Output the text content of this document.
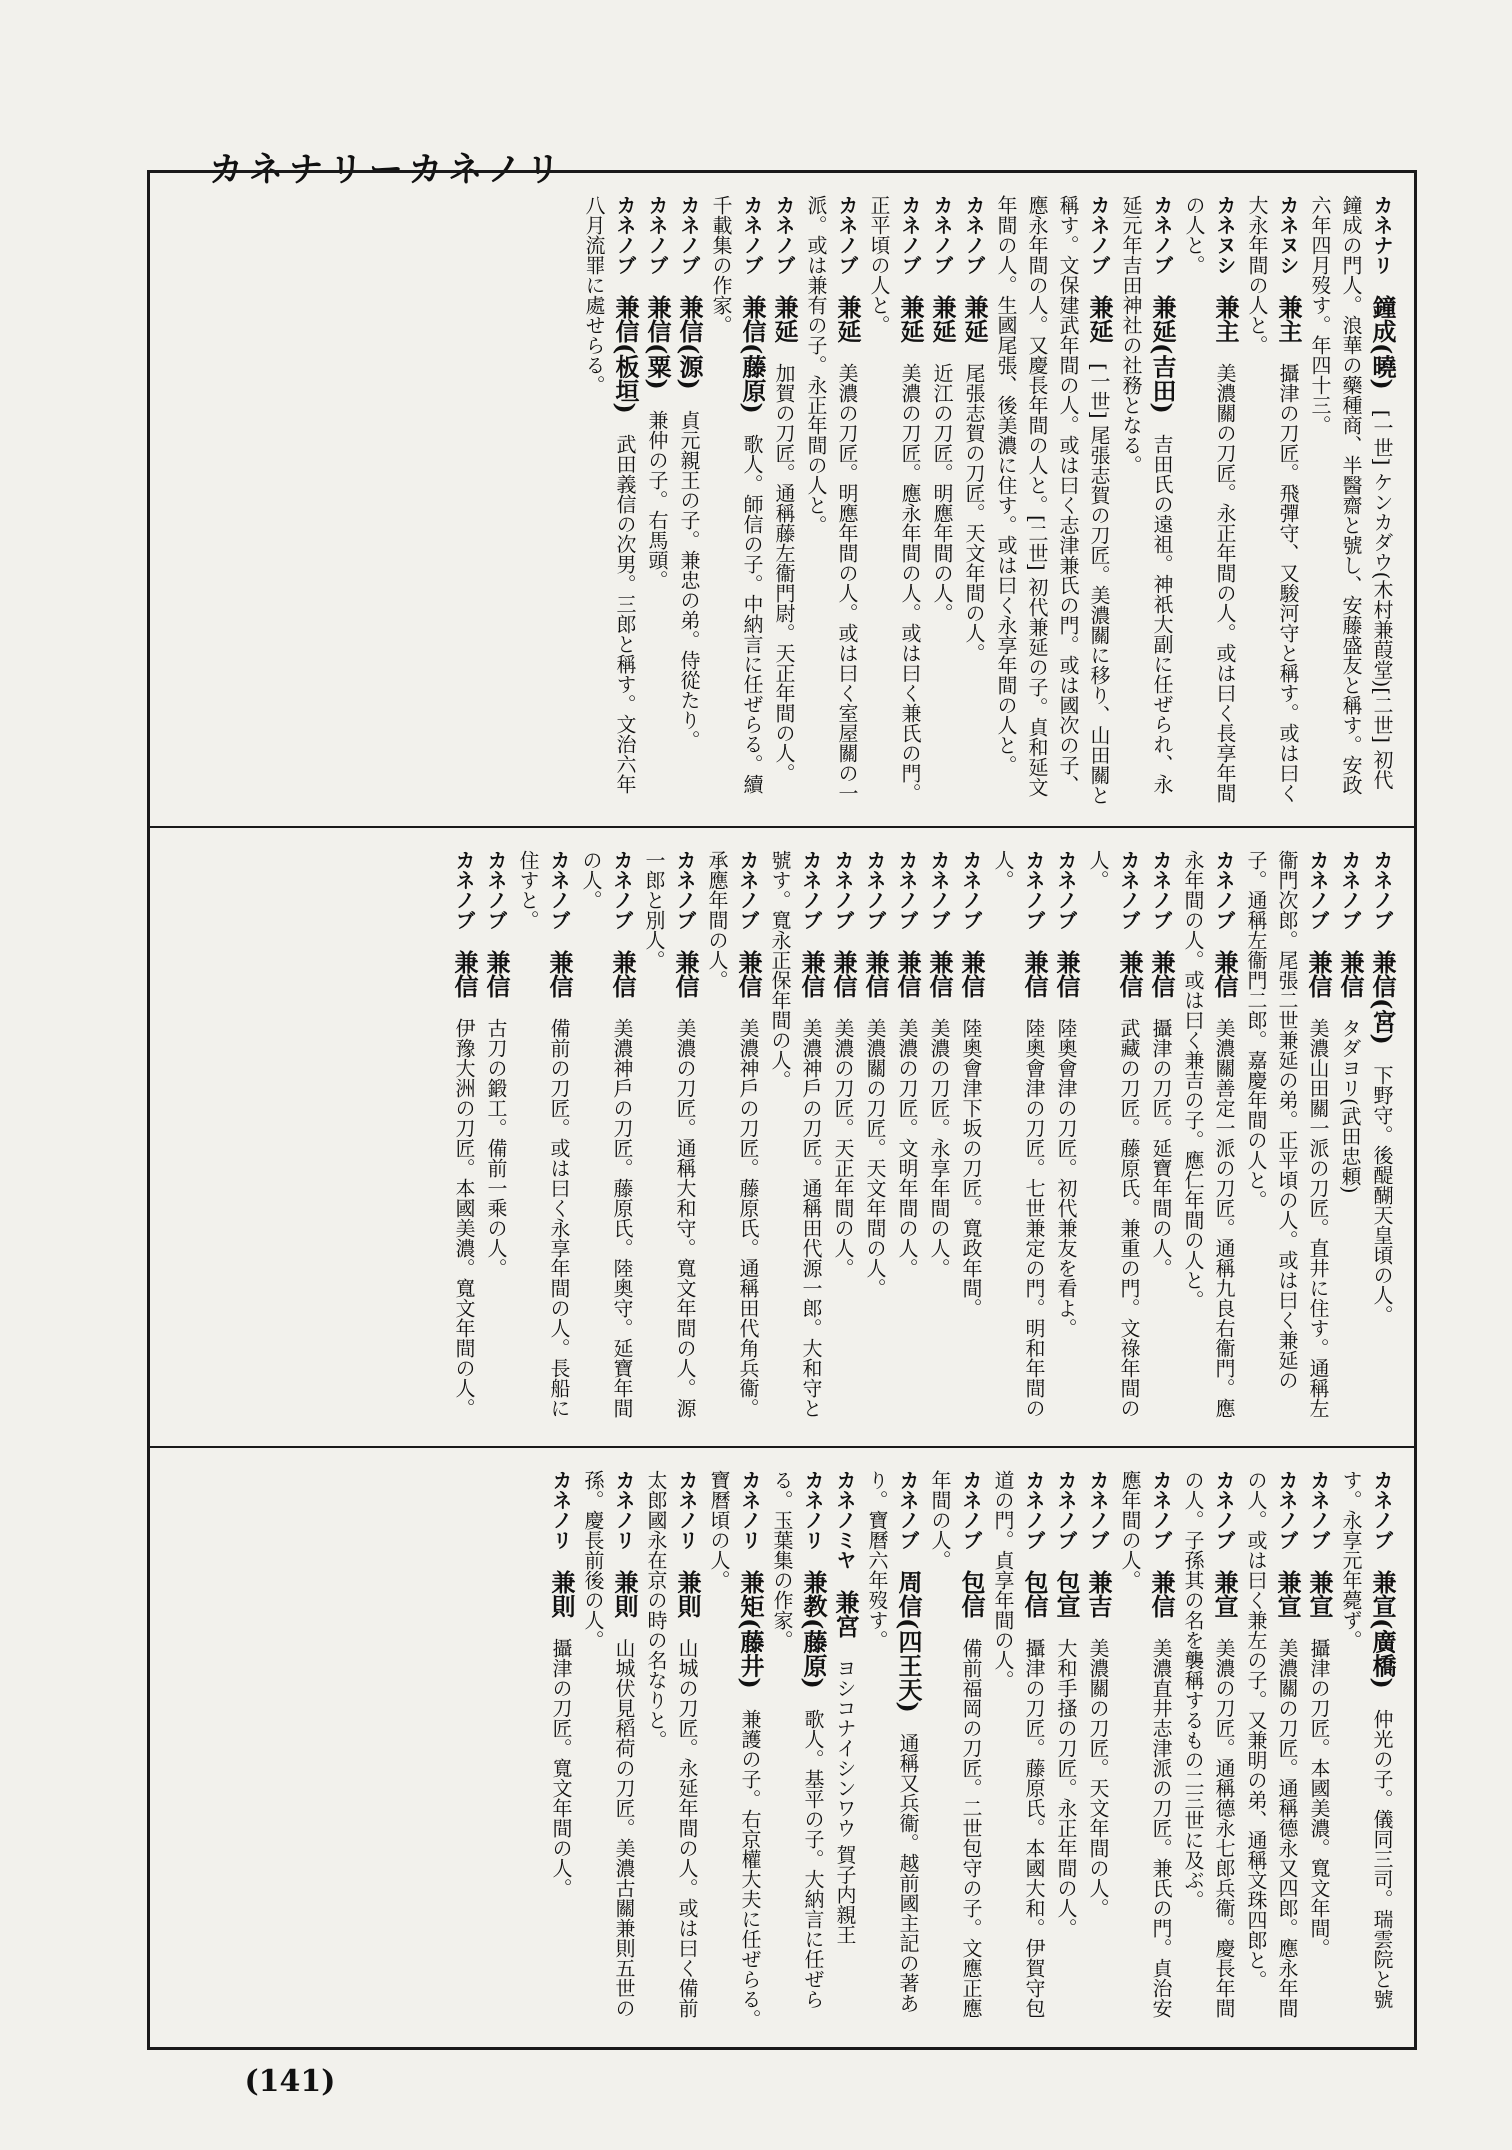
カネナリーカネノリ
カネナリ　鐘成(曉)　[一世] ケンカダウ(木村兼葭堂)[二世] 初代鐘成の門人。浪華の藥種商、半醫齋と號し、安藤盛友と稱す。安政六年四月歿す。年四十三。
カネヌシ　兼主　攝津の刀匠。飛彈守、又駿河守と稱す。或は曰く大永年間の人と。
カネヌシ　兼主　美濃關の刀匠。永正年間の人。或は曰く長享年間の人と。
カネノブ　兼延(吉田)　吉田氏の遠祖。神祇大副に任ぜられ、永延元年吉田神社の社務となる。
カネノブ　兼延　[一世] 尾張志賀の刀匠。美濃關に移り、山田關と稱す。文保建武年間の人。或は曰く志津兼氏の門。或は國次の子、應永年間の人。又慶長年間の人と。[二世] 初代兼延の子。貞和延文年間の人。生國尾張、後美濃に住す。或は曰く永享年間の人と。
カネノブ　兼延　尾張志賀の刀匠。天文年間の人。
カネノブ　兼延　近江の刀匠。明應年間の人。
カネノブ　兼延　美濃の刀匠。應永年間の人。或は曰く兼氏の門。正平頃の人と。
カネノブ　兼延　美濃の刀匠。明應年間の人。或は曰く室屋關の一派。或は兼有の子。永正年間の人と。
カネノブ　兼延　加賀の刀匠。通稱藤左衞門尉。天正年間の人。
カネノブ　兼信(藤原)　歌人。師信の子。中納言に任ぜらる。續千載集の作家。
カネノブ　兼信(源)　貞元親王の子。兼忠の弟。侍從たり。
カネノブ　兼信(粟)　兼仲の子。右馬頭。
カネノブ　兼信(板垣)　武田義信の次男。三郎と稱す。文治六年八月流罪に處せらる。
カネノブ　兼信(宮)　下野守。後醍醐天皇頃の人。
カネノブ　兼信　タダヨリ(武田忠頼)
カネノブ　兼信　美濃山田關一派の刀匠。直井に住す。通稱左衞門次郎。尾張二世兼延の弟。正平頃の人。或は曰く兼延の子。通稱左衞門二郎。嘉慶年間の人と。
カネノブ　兼信　美濃關善定一派の刀匠。通稱九良右衞門。應永年間の人。或は曰く兼吉の子。應仁年間の人と。
カネノブ　兼信　攝津の刀匠。延寶年間の人。
カネノブ　兼信　武藏の刀匠。藤原氏。兼重の門。文祿年間の人。
カネノブ　兼信　陸奧會津の刀匠。初代兼友を看よ。
カネノブ　兼信　陸奧會津の刀匠。七世兼定の門。明和年間の人。
カネノブ　兼信　陸奧會津下坂の刀匠。寬政年間。
カネノブ　兼信　美濃の刀匠。永享年間の人。
カネノブ　兼信　美濃の刀匠。文明年間の人。
カネノブ　兼信　美濃關の刀匠。天文年間の人。
カネノブ　兼信　美濃の刀匠。天正年間の人。
カネノブ　兼信　美濃神戶の刀匠。通稱田代源一郎。大和守と號す。寬永正保年間の人。
カネノブ　兼信　美濃神戶の刀匠。藤原氏。通稱田代角兵衞。承應年間の人。
カネノブ　兼信　美濃の刀匠。通稱大和守。寬文年間の人。源一郎と別人。
カネノブ　兼信　美濃神戶の刀匠。藤原氏。陸奧守。延寶年間の人。
カネノブ　兼信　備前の刀匠。或は曰く永享年間の人。長船に住すと。
カネノブ　兼信　古刀の鍛工。備前一乘の人。
カネノブ　兼信　伊豫大洲の刀匠。本國美濃。寬文年間の人。
カネノブ　兼宣(廣橋)　仲光の子。儀同三司。瑞雲院と號す。永享元年薨ず。
カネノブ　兼宣　攝津の刀匠。本國美濃。寬文年間。
カネノブ　兼宣　美濃關の刀匠。通稱德永又四郎。應永年間の人。或は曰く兼左の子。又兼明の弟、通稱文珠四郎と。
カネノブ　兼宣　美濃の刀匠。通稱德永七郎兵衞。慶長年間の人。子孫其の名を襲稱するもの二三世に及ぶ。
カネノブ　兼信　美濃直井志津派の刀匠。兼氏の門。貞治安應年間の人。
カネノブ　兼吉　美濃關の刀匠。天文年間の人。
カネノブ　包宣　大和手搔の刀匠。永正年間の人。
カネノブ　包信　攝津の刀匠。藤原氏。本國大和。伊賀守包道の門。貞享年間の人。
カネノブ　包信　備前福岡の刀匠。二世包守の子。文應正應年間の人。
カネノブ　周信(四王天)　通稱又兵衞。越前國主記の著あり。寶曆六年歿す。
カネノミヤ　兼宮　ヨシコナイシンワウ 賀子内親王
カネノリ　兼教(藤原)　歌人。基平の子。大納言に任ぜらる。玉葉集の作家。
カネノリ　兼矩(藤井)　兼護の子。右京權大夫に任ぜらる。寶曆頃の人。
カネノリ　兼則　山城の刀匠。永延年間の人。或は曰く備前太郎國永在京の時の名なりと。
カネノリ　兼則　山城伏見稻荷の刀匠。美濃古關兼則五世の孫。慶長前後の人。
カネノリ　兼則　攝津の刀匠。寬文年間の人。
(141)
